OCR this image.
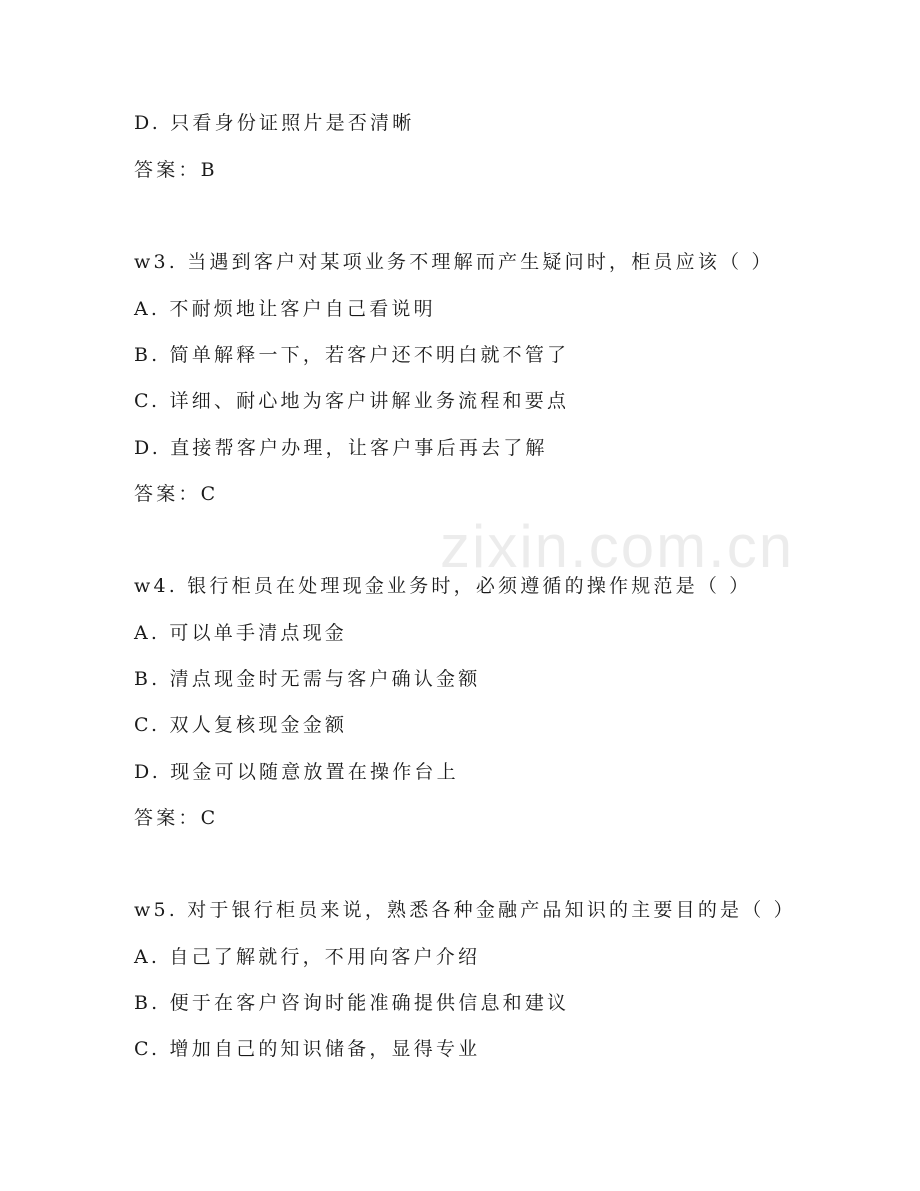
zixin.com.cn
D. 只看身份证照片是否清晰
答案：B
w3. 当遇到客户对某项业务不理解而产生疑问时，柜员应该（ ）
A. 不耐烦地让客户自己看说明
B. 简单解释一下，若客户还不明白就不管了
C. 详细、耐心地为客户讲解业务流程和要点
D. 直接帮客户办理，让客户事后再去了解
答案：C
w4. 银行柜员在处理现金业务时，必须遵循的操作规范是（ ）
A. 可以单手清点现金
B. 清点现金时无需与客户确认金额
C. 双人复核现金金额
D. 现金可以随意放置在操作台上
答案：C
w5. 对于银行柜员来说，熟悉各种金融产品知识的主要目的是（ ）
A. 自己了解就行，不用向客户介绍
B. 便于在客户咨询时能准确提供信息和建议
C. 增加自己的知识储备，显得专业
